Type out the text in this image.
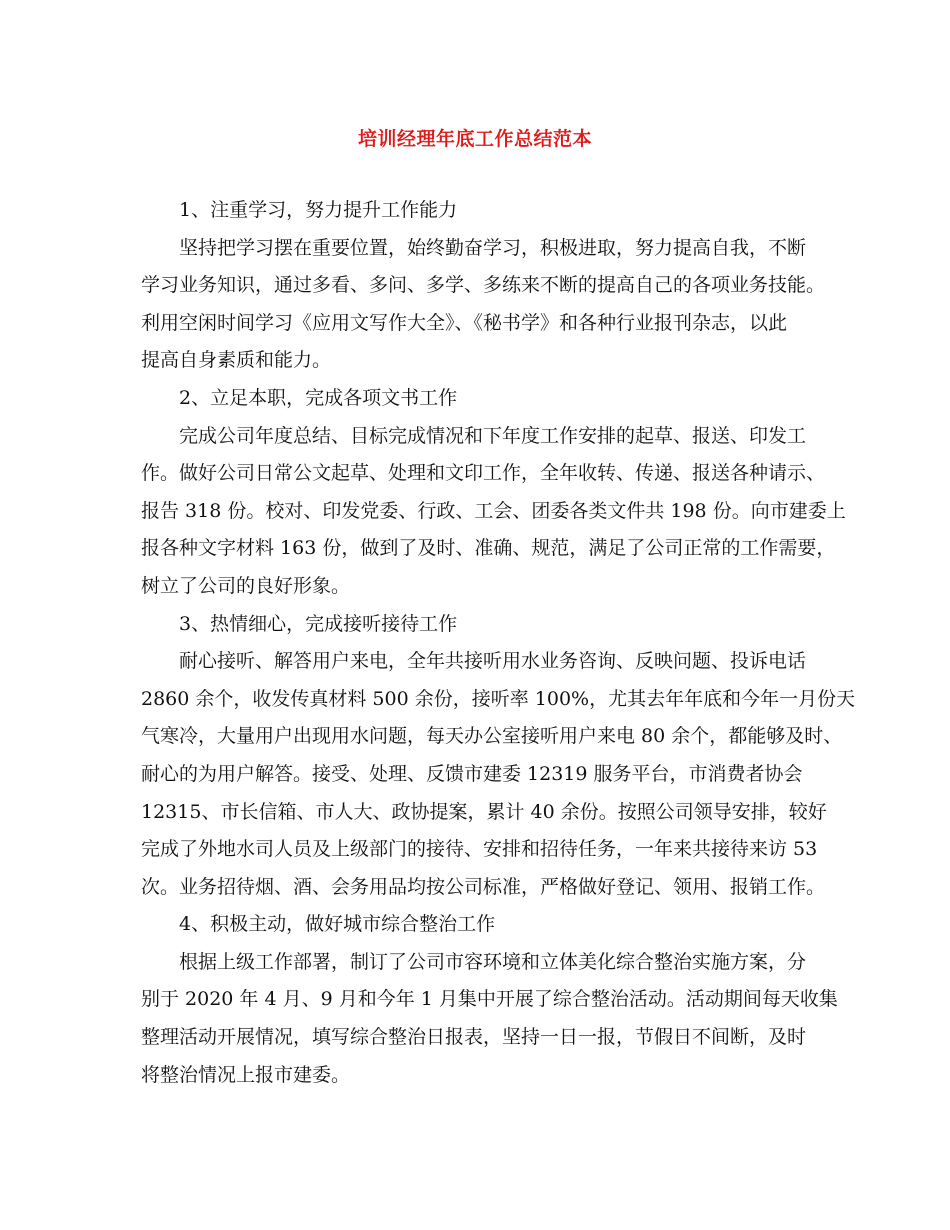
培训经理年底工作总结范本
1、注重学习，努力提升工作能力
坚持把学习摆在重要位置，始终勤奋学习，积极进取，努力提高自我，不断
学习业务知识，通过多看、多问、多学、多练来不断的提高自己的各项业务技能。
利用空闲时间学习《应用文写作大全》、《秘书学》和各种行业报刊杂志，以此
提高自身素质和能力。
2、立足本职，完成各项文书工作
完成公司年度总结、目标完成情况和下年度工作安排的起草、报送、印发工
作。做好公司日常公文起草、处理和文印工作，全年收转、传递、报送各种请示、
报告 318 份。校对、印发党委、行政、工会、团委各类文件共 198 份。向市建委上
报各种文字材料 163 份，做到了及时、准确、规范，满足了公司正常的工作需要，
树立了公司的良好形象。
3、热情细心，完成接听接待工作
耐心接听、解答用户来电，全年共接听用水业务咨询、反映问题、投诉电话
2860 余个，收发传真材料 500 余份，接听率 100%，尤其去年年底和今年一月份天
气寒冷，大量用户出现用水问题，每天办公室接听用户来电 80 余个，都能够及时、
耐心的为用户解答。接受、处理、反馈市建委 12319 服务平台，市消费者协会
12315、市长信箱、市人大、政协提案，累计 40 余份。按照公司领导安排，较好
完成了外地水司人员及上级部门的接待、安排和招待任务，一年来共接待来访 53
次。业务招待烟、酒、会务用品均按公司标准，严格做好登记、领用、报销工作。
4、积极主动，做好城市综合整治工作
根据上级工作部署，制订了公司市容环境和立体美化综合整治实施方案，分
别于 2020 年 4 月、9 月和今年 1 月集中开展了综合整治活动。活动期间每天收集
整理活动开展情况，填写综合整治日报表，坚持一日一报，节假日不间断，及时
将整治情况上报市建委。
